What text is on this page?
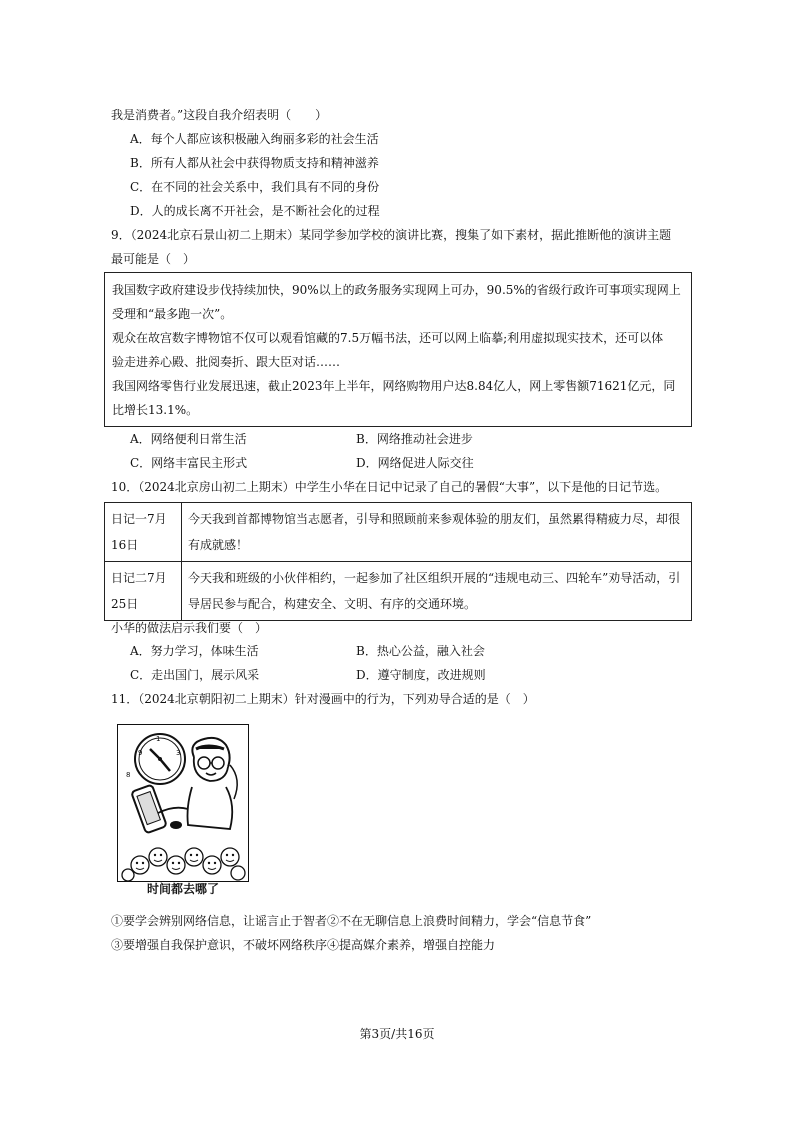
我是消费者。”这段自我介绍表明（　　）
A．每个人都应该积极融入绚丽多彩的社会生活
B．所有人都从社会中获得物质支持和精神滋养
C．在不同的社会关系中，我们具有不同的身份
D．人的成长离不开社会，是不断社会化的过程
9．（2024北京石景山初二上期末）某同学参加学校的演讲比赛，搜集了如下素材，据此推断他的演讲主题
最可能是（　）
我国数字政府建设步伐持续加快，90%以上的政务服务实现网上可办，90.5%的省级行政许可事项实现网上
受理和“最多跑一次”。
观众在故宫数字博物馆不仅可以观看馆藏的7.5万幅书法，还可以网上临摹;利用虚拟现实技术，还可以体
验走进养心殿、批阅奏折、跟大臣对话……
我国网络零售行业发展迅速，截止2023年上半年，网络购物用户达8.84亿人，网上零售额71621亿元，同
比增长13.1%。
A．网络便利日常生活	B．网络推动社会进步
C．网络丰富民主形式	D．网络促进人际交往
10．（2024北京房山初二上期末）中学生小华在日记中记录了自己的暑假“大事”，以下是他的日记节选。
日记一7月16日	今天我到首都博物馆当志愿者，引导和照顾前来参观体验的朋友们，虽然累得精疲力尽，却很有成就感！
日记二7月25日	今天我和班级的小伙伴相约，一起参加了社区组织开展的“违规电动三、四轮车”劝导活动，引导居民参与配合，构建安全、文明、有序的交通环境。
小华的做法启示我们要（　）
A．努力学习，体味生活	B．热心公益，融入社会
C．走出国门，展示风采	D．遵守制度，改进规则
11．（2024北京朝阳初二上期末）针对漫画中的行为，下列劝导合适的是（　）
1
9	3
8
时间都去哪了
①要学会辨别网络信息，让谣言止于智者②不在无聊信息上浪费时间精力，学会“信息节食”
③要增强自我保护意识，不破坏网络秩序④提高媒介素养，增强自控能力
第3页/共16页
